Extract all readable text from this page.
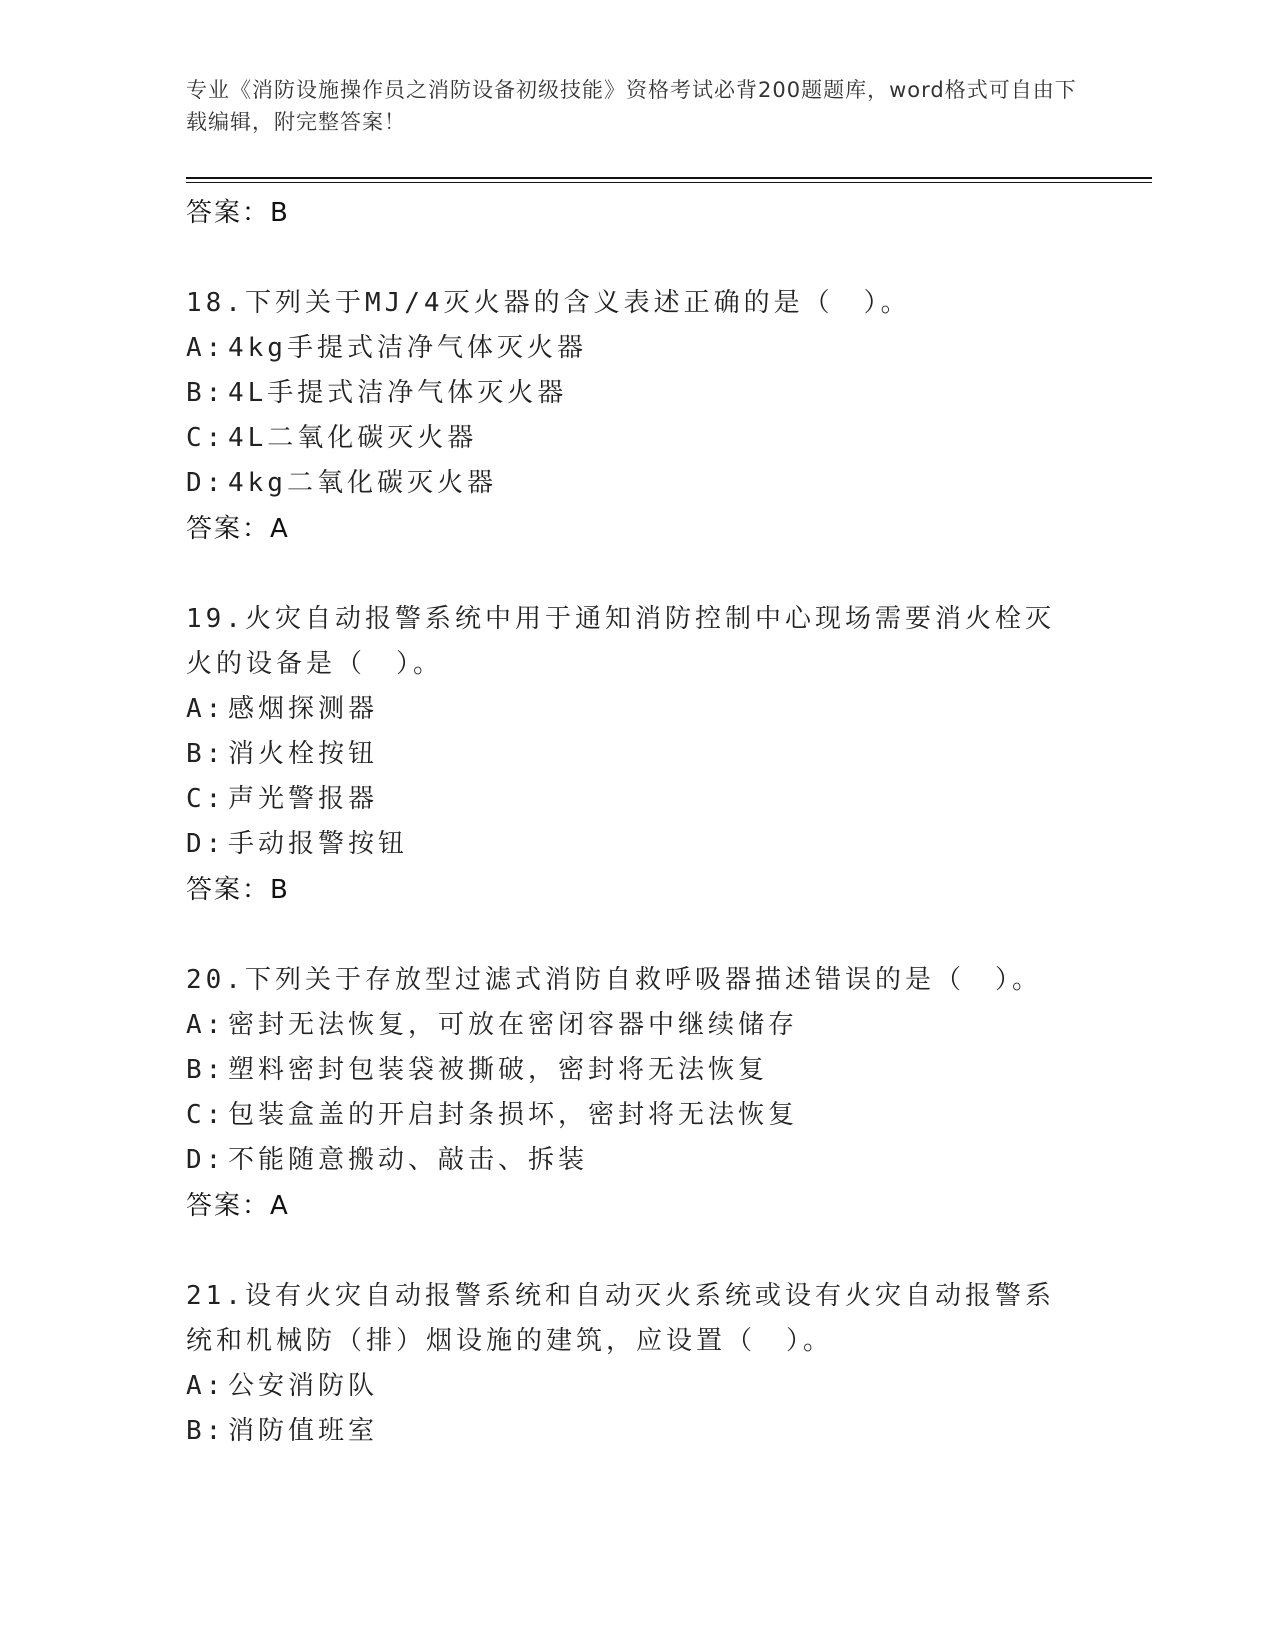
专业《消防设施操作员之消防设备初级技能》资格考试必背200题题库，word格式可自由下载编辑，附完整答案！
答案：B
18.下列关于MJ/4灭火器的含义表述正确的是（　）。
A: 4kg手提式洁净气体灭火器
B: 4L手提式洁净气体灭火器
C: 4L二氧化碳灭火器
D: 4kg二氧化碳灭火器
答案：A
19.火灾自动报警系统中用于通知消防控制中心现场需要消火栓灭火的设备是（　）。
A: 感烟探测器
B: 消火栓按钮
C: 声光警报器
D: 手动报警按钮
答案：B
20.下列关于存放型过滤式消防自救呼吸器描述错误的是（　）。
A: 密封无法恢复，可放在密闭容器中继续储存
B: 塑料密封包装袋被撕破，密封将无法恢复
C: 包装盒盖的开启封条损坏，密封将无法恢复
D: 不能随意搬动、敲击、拆装
答案：A
21.设有火灾自动报警系统和自动灭火系统或设有火灾自动报警系统和机械防（排）烟设施的建筑，应设置（　）。
A: 公安消防队
B: 消防值班室
